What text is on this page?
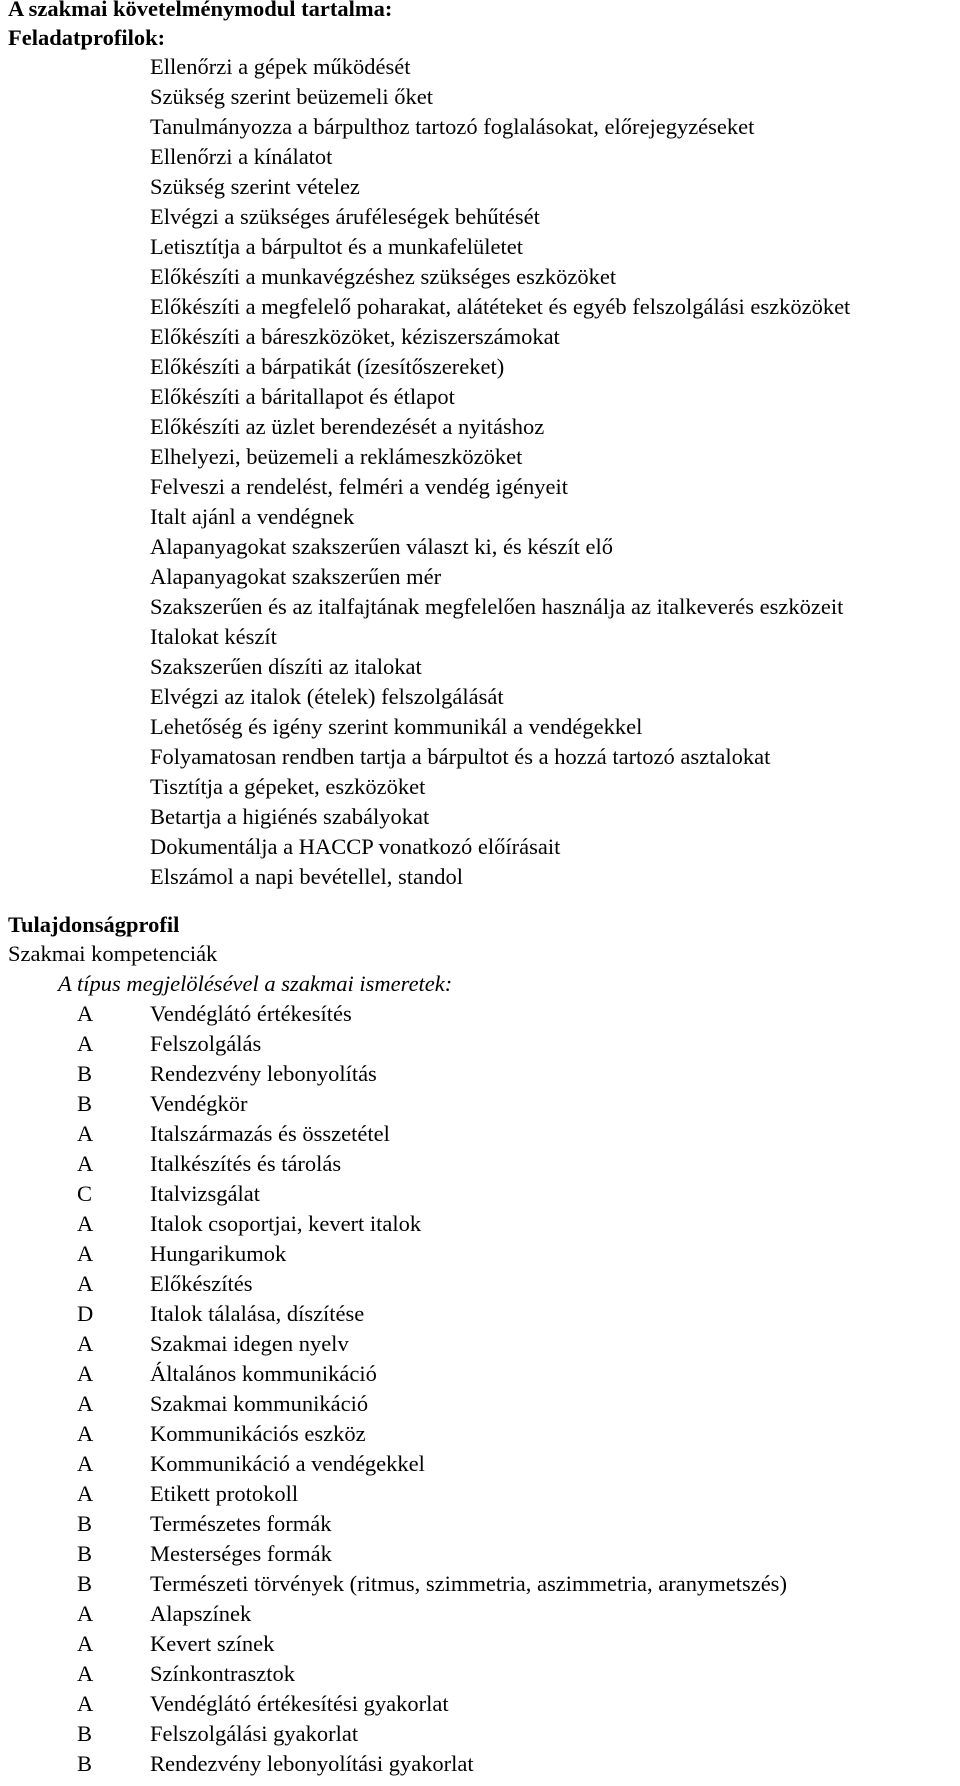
A szakmai követelménymodul tartalma:
Feladatprofilok:
Ellenőrzi a gépek működését
Szükség szerint beüzemeli őket
Tanulmányozza a bárpulthoz tartozó foglalásokat, előrejegyzéseket
Ellenőrzi a kínálatot
Szükség szerint vételez
Elvégzi a szükséges áruféleségek behűtését
Letisztítja a bárpultot és a munkafelületet
Előkészíti a munkavégzéshez szükséges eszközöket
Előkészíti a megfelelő poharakat, alátéteket és egyéb felszolgálási eszközöket
Előkészíti a báreszközöket, kéziszerszámokat
Előkészíti a bárpatikát (ízesítőszereket)
Előkészíti a báritallapot és étlapot
Előkészíti az üzlet berendezését a nyitáshoz
Elhelyezi, beüzemeli a reklámeszközöket
Felveszi a rendelést, felméri a vendég igényeit
Italt ajánl a vendégnek
Alapanyagokat szakszerűen választ ki, és készít elő
Alapanyagokat szakszerűen mér
Szakszerűen és az italfajtának megfelelően használja az italkeverés eszközeit
Italokat készít
Szakszerűen díszíti az italokat
Elvégzi az italok (ételek) felszolgálását
Lehetőség és igény szerint kommunikál a vendégekkel
Folyamatosan rendben tartja a bárpultot és a hozzá tartozó asztalokat
Tisztítja a gépeket, eszközöket
Betartja a higiénés szabályokat
Dokumentálja a HACCP vonatkozó előírásait
Elszámol a napi bevétellel, standol
Tulajdonságprofil
Szakmai kompetenciák
A típus megjelölésével a szakmai ismeretek:
A	Vendéglátó értékesítés
A	Felszolgálás
B	Rendezvény lebonyolítás
B	Vendégkör
A	Italszármazás és összetétel
A	Italkészítés és tárolás
C	Italvizsgálat
A	Italok csoportjai, kevert italok
A	Hungarikumok
A	Előkészítés
D	Italok tálalása, díszítése
A	Szakmai idegen nyelv
A	Általános kommunikáció
A	Szakmai kommunikáció
A	Kommunikációs eszköz
A	Kommunikáció a vendégekkel
A	Etikett protokoll
B	Természetes formák
B	Mesterséges formák
B	Természeti törvények (ritmus, szimmetria, aszimmetria, aranymetszés)
A	Alapszínek
A	Kevert színek
A	Színkontrasztok
A	Vendéglátó értékesítési gyakorlat
B	Felszolgálási gyakorlat
B	Rendezvény lebonyolítási gyakorlat
